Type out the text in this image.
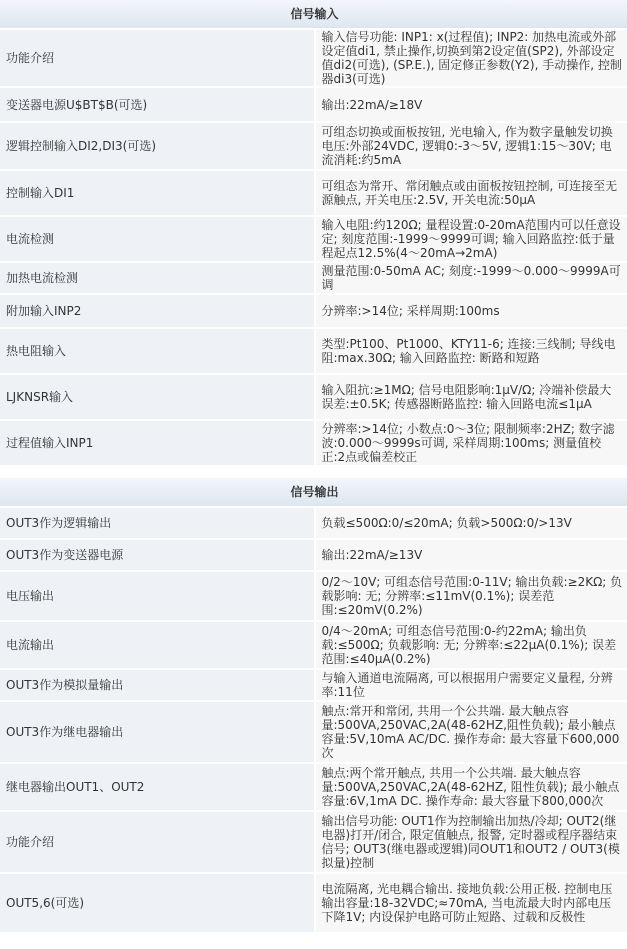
信号输入	
功能介绍	输入信号功能: INP1: x(过程值); INP2: 加热电流或外部设定值di1, 禁止操作,切换到第2设定值(SP2), 外部设定值di2(可选), (SP.E.), 固定修正参数(Y2), 手动操作, 控制器di3(可选)
变送器电源U$BT$B(可选)	输出:22mA/≥18V
逻辑控制输入DI2,DI3(可选)	可组态切换或面板按钮, 光电输入, 作为数字量触发切换电压:外部24VDC, 逻辑0:-3～5V, 逻辑1:15～30V; 电流消耗:约5mA
控制输入DI1	可组态为常开、常闭触点或由面板按钮控制, 可连接至无源触点, 开关电压:2.5V, 开关电流:50μA
电流检测	输入电阻:约120Ω; 量程设置:0-20mA范围内可以任意设定; 刻度范围:-1999～9999可调; 输入回路监控:低于量程起点12.5%(4～20mA→2mA)
加热电流检测	测量范围:0-50mA AC; 刻度:-1999～0.000～9999A可调
附加输入INP2	分辨率:>14位; 采样周期:100ms
热电阻输入	类型:Pt100、Pt1000、KTY11-6; 连接:三线制; 导线电阻:max.30Ω; 输入回路监控: 断路和短路
LJKNSR输入	输入阻抗:≥1MΩ; 信号电阻影响:1μV/Ω; 冷端补偿最大误差:±0.5K; 传感器断路监控: 输入回路电流≤1μA
过程值输入INP1	分辨率:>14位; 小数点:0～3位; 限制频率:2HZ; 数字滤波:0.000～9999s可调, 采样周期:100ms; 测量值校正:2点或偏差校正

信号输出	
OUT3作为逻辑输出	负载≤500Ω:0/≤20mA; 负载>500Ω:0/>13V
OUT3作为变送器电源	输出:22mA/≥13V
电压输出	0/2～10V; 可组态信号范围:0-11V; 输出负载:≥2KΩ; 负载影响: 无; 分辨率:≤11mV(0.1%); 误差范围:≤20mV(0.2%)
电流输出	0/4～20mA; 可组态信号范围:0-约22mA; 输出负载:≤500Ω; 负载影响: 无; 分辨率:≤22μA(0.1%); 误差范围:≤40μA(0.2%)
OUT3作为模拟量输出	与输入通道电流隔离, 可以根据用户需要定义量程, 分辨率:11位
OUT3作为继电器输出	触点:常开和常闭, 共用一个公共端. 最大触点容量:500VA,250VAC,2A(48-62HZ,阻性负载); 最小触点容量:5V,10mA AC/DC. 操作寿命: 最大容量下600,000次
继电器输出OUT1、OUT2	触点:两个常开触点, 共用一个公共端. 最大触点容量:500VA,250VAC,2A(48-62HZ, 阻性负载); 最小触点容量:6V,1mA DC. 操作寿命: 最大容量下800,000次
功能介绍	输出信号功能: OUT1作为控制输出加热/冷却; OUT2(继电器)打开/闭合, 限定值触点, 报警, 定时器或程序器结束信号; OUT3(继电器或逻辑)同OUT1和OUT2 / OUT3(模拟量)控制
OUT5,6(可选)	电流隔离, 光电耦合输出. 接地负载:公用正极. 控制电压输出容量:18-32VDC;≈70mA, 当电流最大时内部电压下降1V; 内设保护电路可防止短路、过载和反极性
